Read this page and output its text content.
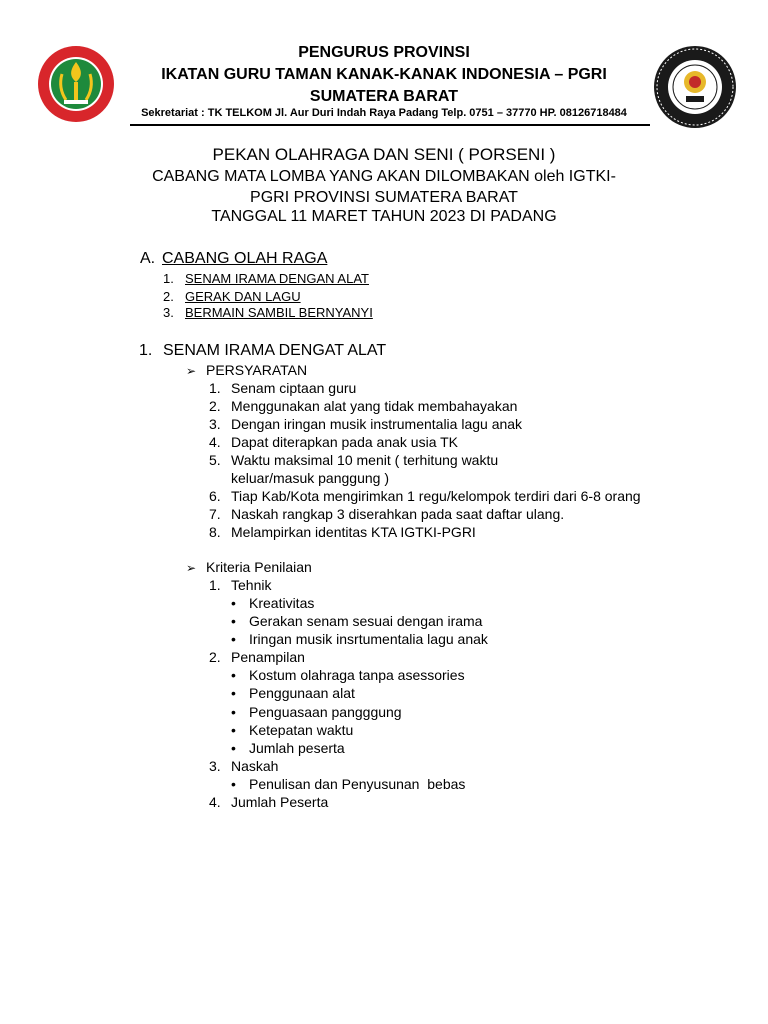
PENGURUS PROVINSI
IKATAN GURU TAMAN KANAK-KANAK INDONESIA – PGRI
SUMATERA BARAT
Sekretariat : TK TELKOM Jl. Aur Duri Indah Raya Padang Telp. 0751 – 37770 HP. 08126718484
PEKAN OLAHRAGA DAN SENI ( PORSENI )
CABANG MATA LOMBA YANG AKAN DILOMBAKAN oleh IGTKI-
PGRI PROVINSI SUMATERA BARAT
TANGGAL 11 MARET TAHUN 2023 DI PADANG
A. CABANG OLAH RAGA
1. SENAM IRAMA DENGAN ALAT
2. GERAK DAN LAGU
3. BERMAIN SAMBIL BERNYANYI
1. SENAM IRAMA DENGAT ALAT
➢ PERSYARATAN
1. Senam ciptaan guru
2. Menggunakan alat yang tidak membahayakan
3. Dengan iringan musik instrumentalia lagu anak
4. Dapat diterapkan pada anak usia TK
5. Waktu maksimal 10 menit ( terhitung waktu
keluar/masuk panggung )
6. Tiap Kab/Kota mengirimkan 1 regu/kelompok terdiri dari 6-8 orang
7. Naskah rangkap 3 diserahkan pada saat daftar ulang.
8. Melampirkan identitas KTA IGTKI-PGRI
➢ Kriteria Penilaian
1. Tehnik
• Kreativitas
• Gerakan senam sesuai dengan irama
• Iringan musik insrtumentalia lagu anak
2. Penampilan
• Kostum olahraga tanpa asessories
• Penggunaan alat
• Penguasaan pangggung
• Ketepatan waktu
• Jumlah peserta
3. Naskah
• Penulisan dan Penyusunan  bebas
4. Jumlah Peserta
